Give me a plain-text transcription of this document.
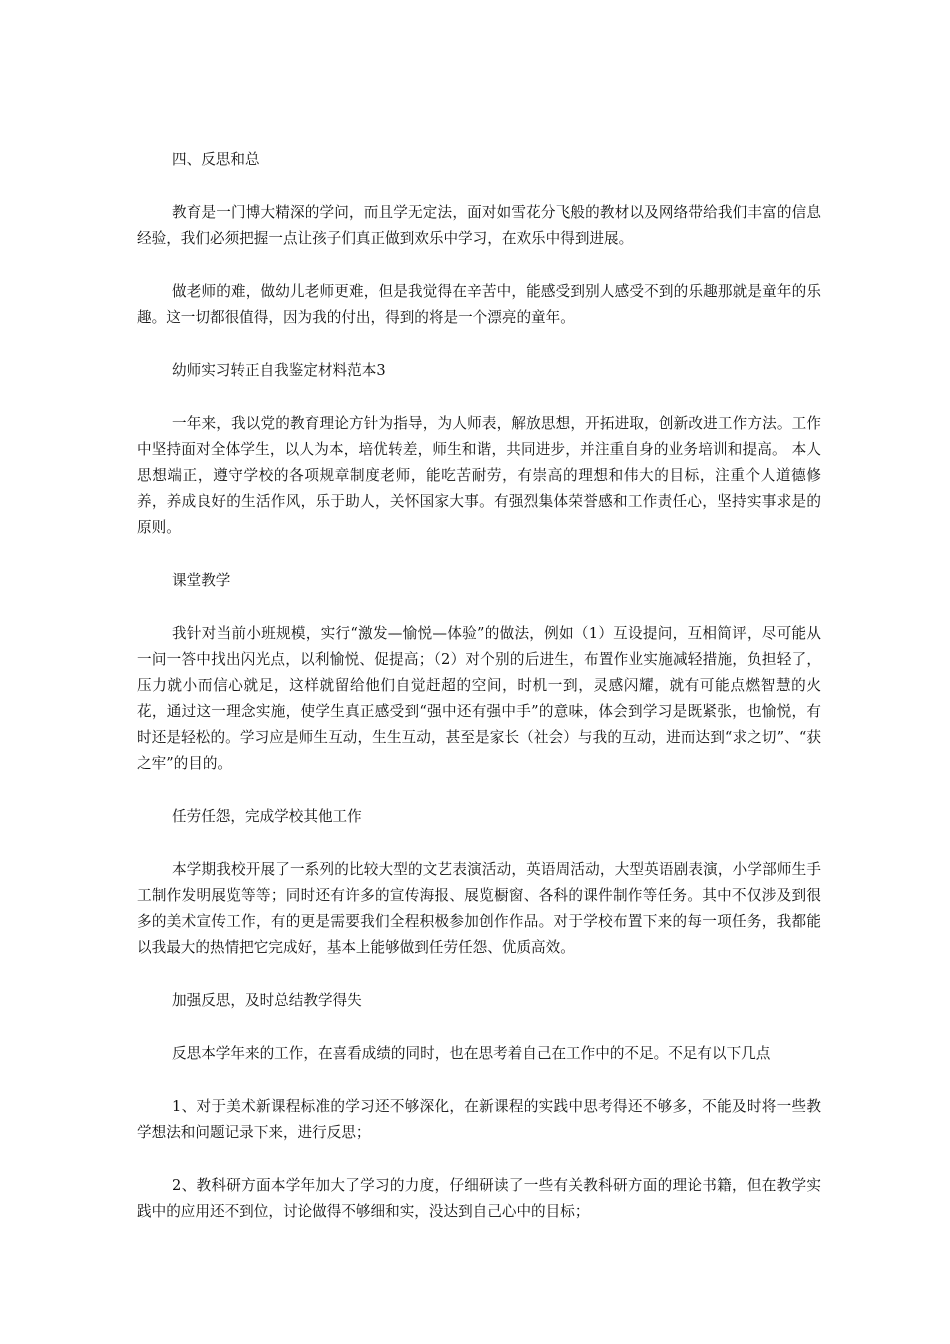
四、反思和总

教育是一门博大精深的学问，而且学无定法，面对如雪花分飞般的教材以及网络带给我们丰富的信息经验，我们必须把握一点让孩子们真正做到欢乐中学习，在欢乐中得到进展。

做老师的难，做幼儿老师更难，但是我觉得在辛苦中，能感受到别人感受不到的乐趣那就是童年的乐趣。这一切都很值得，因为我的付出，得到的将是一个漂亮的童年。

幼师实习转正自我鉴定材料范本3

一年来，我以党的教育理论方针为指导，为人师表，解放思想，开拓进取，创新改进工作方法。工作中坚持面对全体学生，以人为本，培优转差，师生和谐，共同进步，并注重自身的业务培训和提高。 本人思想端正，遵守学校的各项规章制度老师，能吃苦耐劳，有崇高的理想和伟大的目标，注重个人道德修养，养成良好的生活作风，乐于助人，关怀国家大事。有强烈集体荣誉感和工作责任心，坚持实事求是的原则。

课堂教学

我针对当前小班规模，实行“激发—愉悦—体验”的做法，例如（1）互设提问，互相简评，尽可能从一问一答中找出闪光点，以利愉悦、促提高；（2）对个别的后进生，布置作业实施减轻措施，负担轻了，压力就小而信心就足，这样就留给他们自觉赶超的空间，时机一到，灵感闪耀，就有可能点燃智慧的火花，通过这一理念实施，使学生真正感受到“强中还有强中手”的意味，体会到学习是既紧张，也愉悦，有时还是轻松的。学习应是师生互动，生生互动，甚至是家长（社会）与我的互动，进而达到“求之切”、“获之牢”的目的。

任劳任怨，完成学校其他工作

本学期我校开展了一系列的比较大型的文艺表演活动，英语周活动，大型英语剧表演，小学部师生手工制作发明展览等等；同时还有许多的宣传海报、展览橱窗、各科的课件制作等任务。其中不仅涉及到很多的美术宣传工作，有的更是需要我们全程积极参加创作作品。对于学校布置下来的每一项任务，我都能以我最大的热情把它完成好，基本上能够做到任劳任怨、优质高效。

加强反思，及时总结教学得失

反思本学年来的工作，在喜看成绩的同时，也在思考着自己在工作中的不足。不足有以下几点

1、对于美术新课程标准的学习还不够深化，在新课程的实践中思考得还不够多，不能及时将一些教学想法和问题记录下来，进行反思；

2、教科研方面本学年加大了学习的力度，仔细研读了一些有关教科研方面的理论书籍，但在教学实践中的应用还不到位，讨论做得不够细和实，没达到自己心中的目标；
